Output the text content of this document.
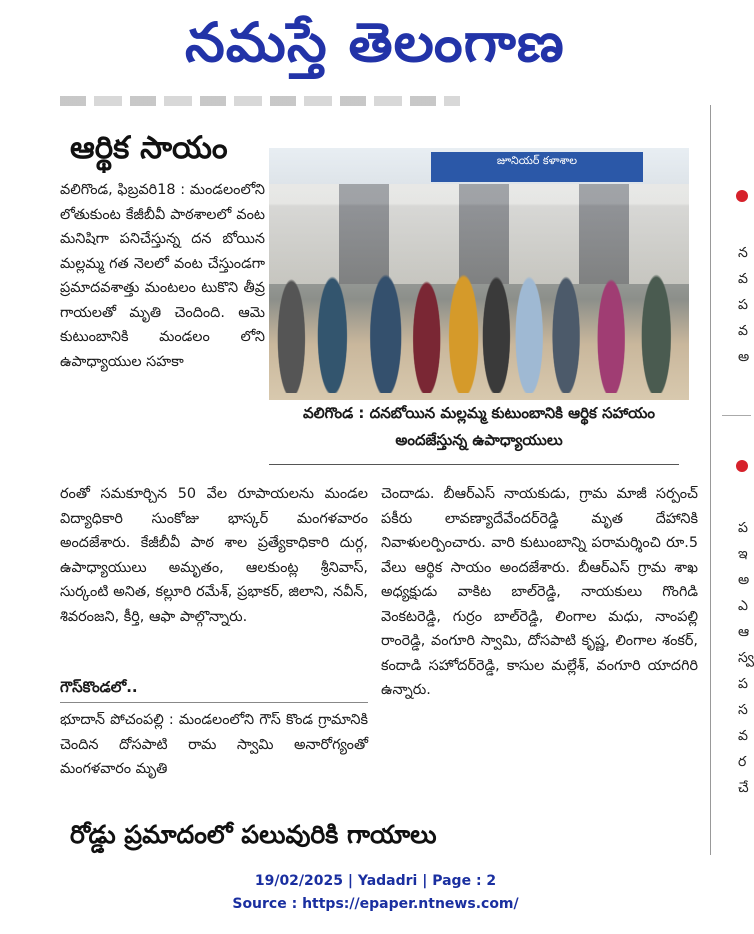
నమస్తే తెలంగాణ
ఆర్థిక సాయం	జూనియర్ కళాశాల
వలిగొండ : దనబోయిన మల్లమ్మ కుటుంబానికి ఆర్థిక సహాయం అందజేస్తున్న ఉపాధ్యాయులు
వలిగొండ, ఫిబ్రవరి18 : మండలంలోని లోతుకుంట కేజీబీవీ పాఠశాలలో వంట మనిషిగా పనిచేస్తున్న దన బోయిన మల్లమ్మ గత నెలలో వంట చేస్తుండగా ప్రమాదవశాత్తు మంటలం టుకొని తీవ్ర గాయలతో మృతి చెందింది. ఆమె కుటుంబానికి మండలం లోని ఉపాధ్యాయుల సహకా
రంతో సమకూర్చిన 50 వేల రూపాయలను మండల విద్యాధికారి సుంకోజు భాస్కర్ మంగళవారం అందజేశారు. కేజీబీవీ పాఠ శాల ప్రత్యేకాధికారి దుర్గ, ఉపాధ్యాయులు అమృతం, ఆలకుంట్ల శ్రీనివాస్, సుర్కంటి అనిత, కల్లూరి రమేశ్, ప్రభాకర్, జిలాని, నవీన్, శివరంజని, కీర్తి, ఆఫా పాల్గొన్నారు.
చెందాడు. బీఆర్ఎస్ నాయకుడు, గ్రామ మాజీ సర్పంచ్ పకీరు లావణ్యాదేవేందర్‌రెడ్డి మృత దేహానికి నివాళులర్పించారు. వారి కుటుంబాన్ని పరామర్శించి రూ.5 వేలు ఆర్థిక సాయం అందజేశారు. బీఆర్ఎస్ గ్రామ శాఖ అధ్యక్షుడు వాకిట బాల్‌రెడ్డి, నాయకులు గొంగిడి వెంకటరెడ్డి, గుర్రం బాల్‌రెడ్డి, లింగాల మధు, నాంపల్లి రాంరెడ్డి, వంగూరి స్వామి, దోసపాటి కృష్ణ, లింగాల శంకర్, కందాడి సహోదర్‌రెడ్డి, కాసుల మల్లేశ్, వంగూరి యాదగిరి ఉన్నారు.
గౌస్‌కొండలో..
భూదాన్ పోచంపల్లి : మండలంలోని గౌస్ కొండ గ్రామానికి చెందిన దోసపాటి రామ స్వామి అనారోగ్యంతో మంగళవారం మృతి
రోడ్డు ప్రమాదంలో పలువురికి గాయాలు
న
వ
ప
వ
అ
ప
ఇ
అ
ఎ
ఆ
స్వ
ప
స
వ
ర
చే
19/02/2025 | Yadadri | Page : 2
Source : https://epaper.ntnews.com/
